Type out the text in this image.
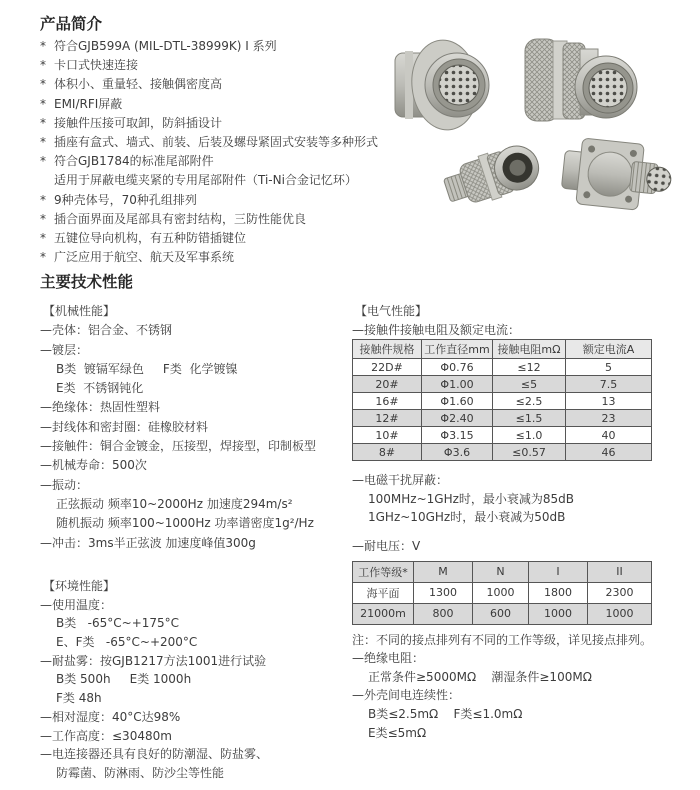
产品简介
* 符合GJB599A (MIL-DTL-38999K) I 系列
* 卡口式快速连接
* 体积小、重量轻、接触偶密度高
* EMI/RFI屏蔽
* 接触件压接可取卸，防斜插设计
* 插座有盒式、墙式、前装、后装及螺母紧固式安装等多种形式
* 符合GJB1784的标准尾部附件
适用于屏蔽电缆夹紧的专用尾部附件（Ti-Ni合金记忆环）
* 9种壳体号，70种孔组排列
* 插合面界面及尾部具有密封结构，三防性能优良
* 五键位导向机构，有五种防错插键位
* 广泛应用于航空、航天及军事系统
主要技术性能
【机械性能】
—壳体：铝合金、不锈钢
—镀层：
B类  镀镉军绿色     F类  化学镀镍
E类  不锈钢钝化
—绝缘体：热固性塑料
—封线体和密封圈：硅橡胶材料
—接触件：铜合金镀金，压接型，焊接型，印制板型
—机械寿命：500次
—振动：
正弦振动 频率10~2000Hz 加速度294m/s²
随机振动 频率100~1000Hz 功率谱密度1g²/Hz
—冲击：3ms半正弦波 加速度峰值300g
【环境性能】
—使用温度：
B类   -65°C~+175°C
E、F类   -65°C~+200°C
—耐盐雾：按GJB1217方法1001进行试验
B类 500h     E类 1000h
F类 48h
—相对湿度：40°C达98%
—工作高度：≤30480m
—电连接器还具有良好的防潮湿、防盐雾、
防霉菌、防淋雨、防沙尘等性能
【电气性能】
—接触件接触电阻及额定电流：
接触件规格	工作直径mm	接触电阻mΩ	额定电流A
22D#	Φ0.76	≤12	5
20#	Φ1.00	≤5	7.5
16#	Φ1.60	≤2.5	13
12#	Φ2.40	≤1.5	23
10#	Φ3.15	≤1.0	40
8#	Φ3.6	≤0.57	46
—电磁干扰屏蔽：
100MHz~1GHz时，最小衰减为85dB
1GHz~10GHz时，最小衰减为50dB
—耐电压：V
工作等级*	M	N	I	II
海平面	1300	1000	1800	2300
21000m	800	600	1000	1000
注：不同的接点排列有不同的工作等级，详见接点排列。
—绝缘电阻：
正常条件≥5000MΩ    潮湿条件≥100MΩ
—外壳间电连续性：
B类≤2.5mΩ    F类≤1.0mΩ
E类≤5mΩ
